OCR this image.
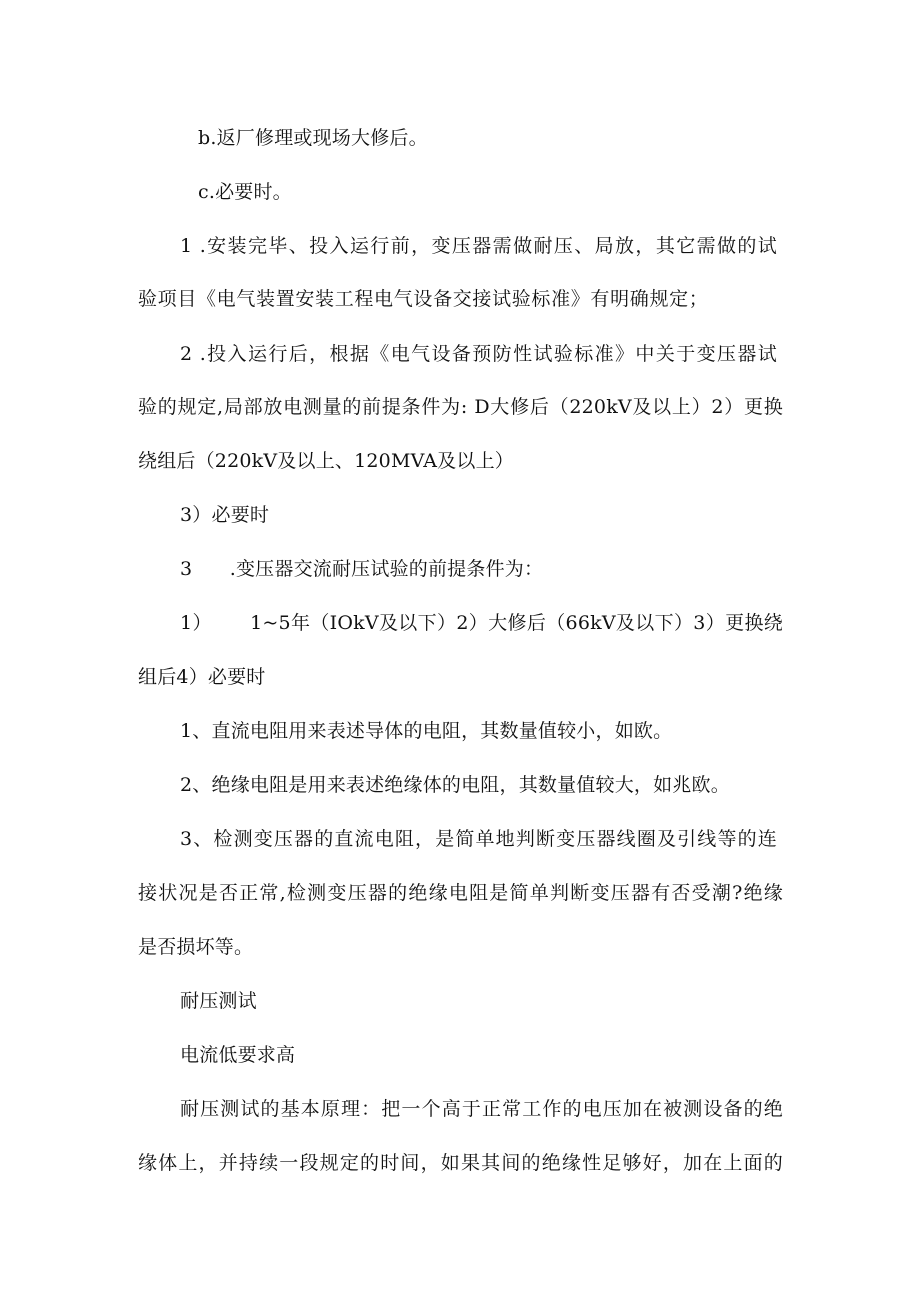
b.返厂修理或现场大修后。
c.必要时。
1 .安装完毕、投入运行前，变压器需做耐压、局放，其它需做的试
验项目《电气装置安装工程电气设备交接试验标准》有明确规定；
2 .投入运行后，根据《电气设备预防性试验标准》中关于变压器试
验的规定,局部放电测量的前提条件为: D大修后（220kV及以上）2）更换
绕组后（220kV及以上、120MVA及以上）
3）必要时
3      .变压器交流耐压试验的前提条件为：
1）      1~5年（IOkV及以下）2）大修后（66kV及以下）3）更换绕
组后4）必要时
1、直流电阻用来表述导体的电阻，其数量值较小，如欧。
2、绝缘电阻是用来表述绝缘体的电阻，其数量值较大，如兆欧。
3、检测变压器的直流电阻，是简单地判断变压器线圈及引线等的连
接状况是否正常,检测变压器的绝缘电阻是简单判断变压器有否受潮?绝缘
是否损坏等。
耐压测试
电流低要求高
耐压测试的基本原理：把一个高于正常工作的电压加在被测设备的绝
缘体上，并持续一段规定的时间，如果其间的绝缘性足够好，加在上面的
